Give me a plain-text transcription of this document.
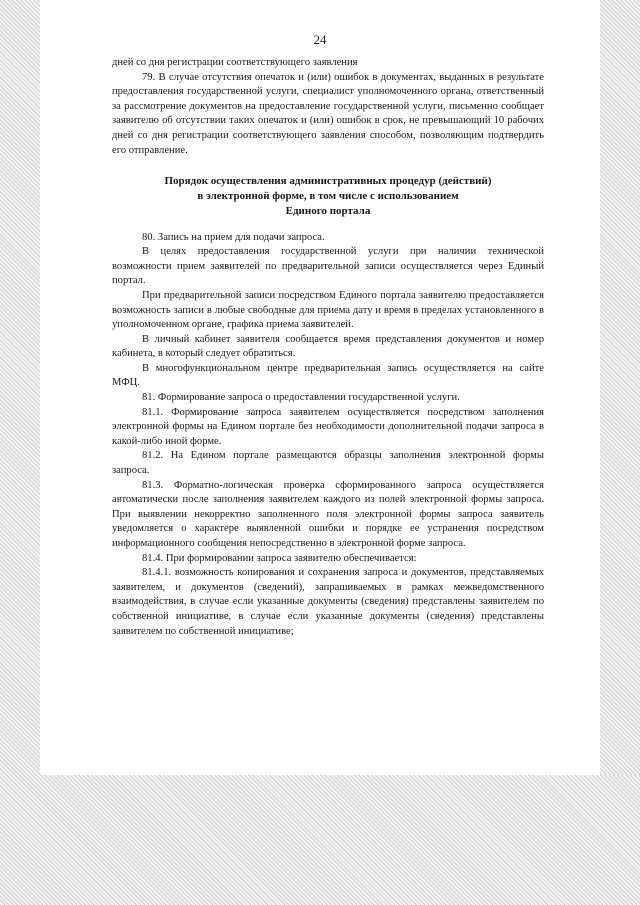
24

дней со дня регистрации соответствующего заявления

79. В случае отсутствия опечаток и (или) ошибок в документах, выданных в результате предоставления государственной услуги, специалист уполномоченного органа, ответственный за рассмотрение документов на предоставление государственной услуги, письменно сообщает заявителю об отсутствии таких опечаток и (или) ошибок в срок, не превышающий 10 рабочих дней со дня регистрации соответствующего заявления способом, позволяющим подтвердить его отправление.

Порядок осуществления административных процедур (действий)
в электронной форме, в том числе с использованием
Единого портала

80. Запись на прием для подачи запроса.

В целях предоставления государственной услуги при наличии технической возможности прием заявителей по предварительной записи осуществляется через Единый портал.

При предварительной записи посредством Единого портала заявителю предоставляется возможность записи в любые свободные для приема дату и время в пределах установленного в уполномоченном органе, графика приема заявителей.

В личный кабинет заявителя сообщается время представления документов и номер кабинета, в который следует обратиться.

В многофункциональном центре предварительная запись осуществляется на сайте МФЦ.

81. Формирование запроса о предоставлении государственной услуги.

81.1. Формирование запроса заявителем осуществляется посредством заполнения электронной формы на Едином портале без необходимости дополнительной подачи запроса в какой-либо иной форме.

81.2. На Едином портале размещаются образцы заполнения электронной формы запроса.

81.3. Форматно-логическая проверка сформированного запроса осуществляется автоматически после заполнения заявителем каждого из полей электронной формы запроса. При выявлении некорректно заполненного поля электронной формы запроса заявитель уведомляется о характере выявленной ошибки и порядке ее устранения посредством информационного сообщения непосредственно в электронной форме запроса.

81.4. При формировании запроса заявителю обеспечивается:

81.4.1. возможность копирования и сохранения запроса и документов, представляемых заявителем, и документов (сведений), запрашиваемых в рамках межведомственного взаимодействия, в случае если указанные документы (сведения) представлены заявителем по собственной инициативе, в случае если указанные документы (сведения) представлены заявителем по собственной инициативе;
